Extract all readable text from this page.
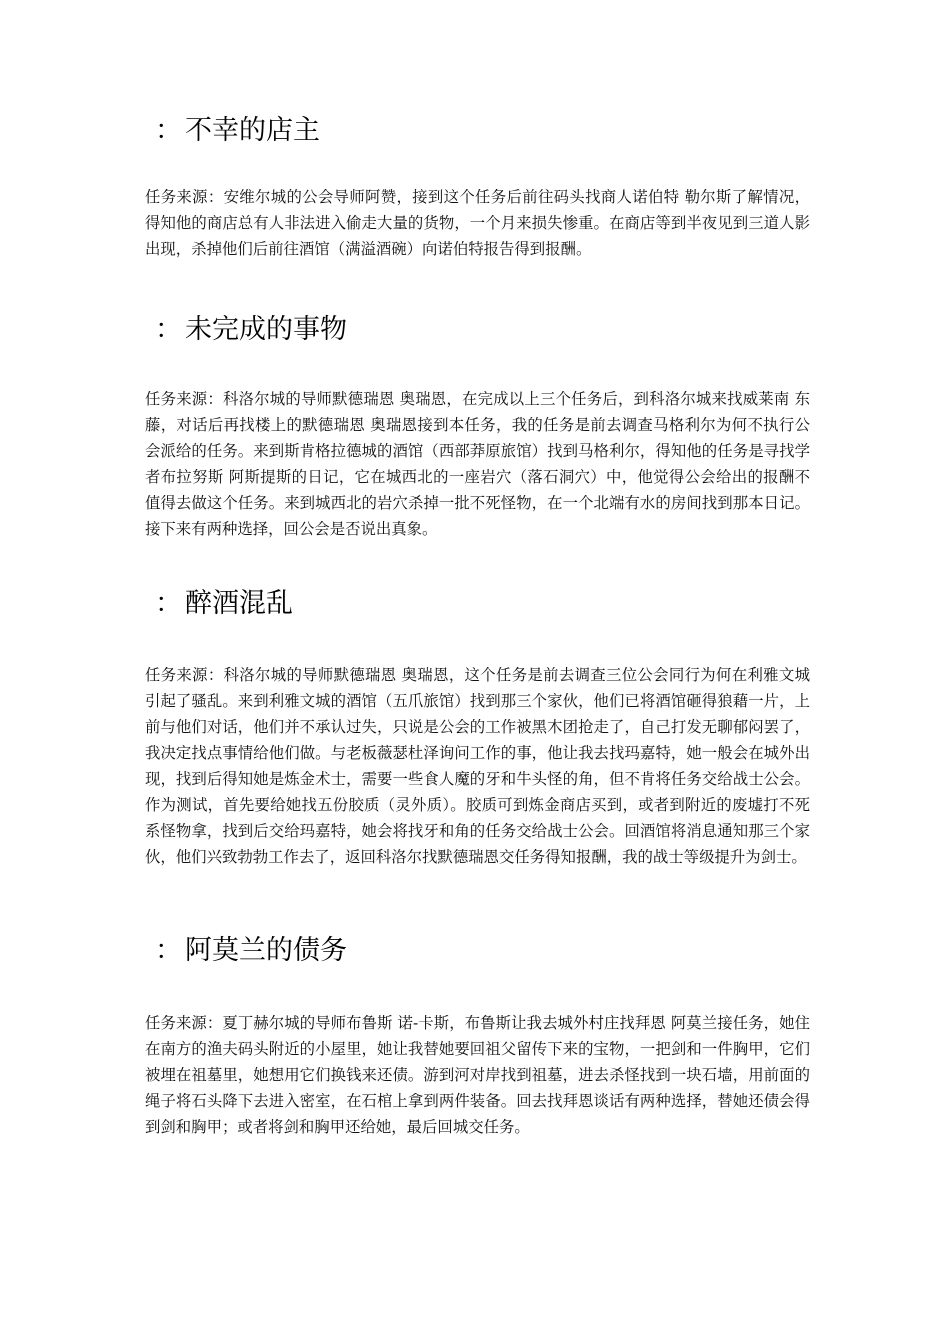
： 不幸的店主

任务来源：安维尔城的公会导师阿赞，接到这个任务后前往码头找商人诺伯特 勒尔斯了解情况，得知他的商店总有人非法进入偷走大量的货物，一个月来损失惨重。在商店等到半夜见到三道人影出现，杀掉他们后前往酒馆（满溢酒碗）向诺伯特报告得到报酬。

： 未完成的事物

任务来源：科洛尔城的导师默德瑞恩 奥瑞恩，在完成以上三个任务后，到科洛尔城来找威莱南 东藤，对话后再找楼上的默德瑞恩 奥瑞恩接到本任务，我的任务是前去调查马格利尔为何不执行公会派给的任务。来到斯肯格拉德城的酒馆（西部莽原旅馆）找到马格利尔，得知他的任务是寻找学者布拉努斯 阿斯提斯的日记，它在城西北的一座岩穴（落石洞穴）中，他觉得公会给出的报酬不值得去做这个任务。来到城西北的岩穴杀掉一批不死怪物，在一个北端有水的房间找到那本日记。接下来有两种选择，回公会是否说出真象。

： 醉酒混乱

任务来源：科洛尔城的导师默德瑞恩 奥瑞恩，这个任务是前去调查三位公会同行为何在利雅文城引起了骚乱。来到利雅文城的酒馆（五爪旅馆）找到那三个家伙，他们已将酒馆砸得狼藉一片，上前与他们对话，他们并不承认过失，只说是公会的工作被黑木团抢走了，自己打发无聊郁闷罢了，我决定找点事情给他们做。与老板薇瑟杜泽询问工作的事，他让我去找玛嘉特，她一般会在城外出现，找到后得知她是炼金术士，需要一些食人魔的牙和牛头怪的角，但不肯将任务交给战士公会。作为测试，首先要给她找五份胶质（灵外质）。胶质可到炼金商店买到，或者到附近的废墟打不死系怪物拿，找到后交给玛嘉特，她会将找牙和角的任务交给战士公会。回酒馆将消息通知那三个家伙，他们兴致勃勃工作去了，返回科洛尔找默德瑞恩交任务得知报酬，我的战士等级提升为剑士。

： 阿莫兰的债务

任务来源：夏丁赫尔城的导师布鲁斯 诺-卡斯，布鲁斯让我去城外村庄找拜恩 阿莫兰接任务，她住在南方的渔夫码头附近的小屋里，她让我替她要回祖父留传下来的宝物，一把剑和一件胸甲，它们被埋在祖墓里，她想用它们换钱来还债。游到河对岸找到祖墓，进去杀怪找到一块石墙，用前面的绳子将石头降下去进入密室，在石棺上拿到两件装备。回去找拜恩谈话有两种选择，替她还债会得到剑和胸甲；或者将剑和胸甲还给她，最后回城交任务。
